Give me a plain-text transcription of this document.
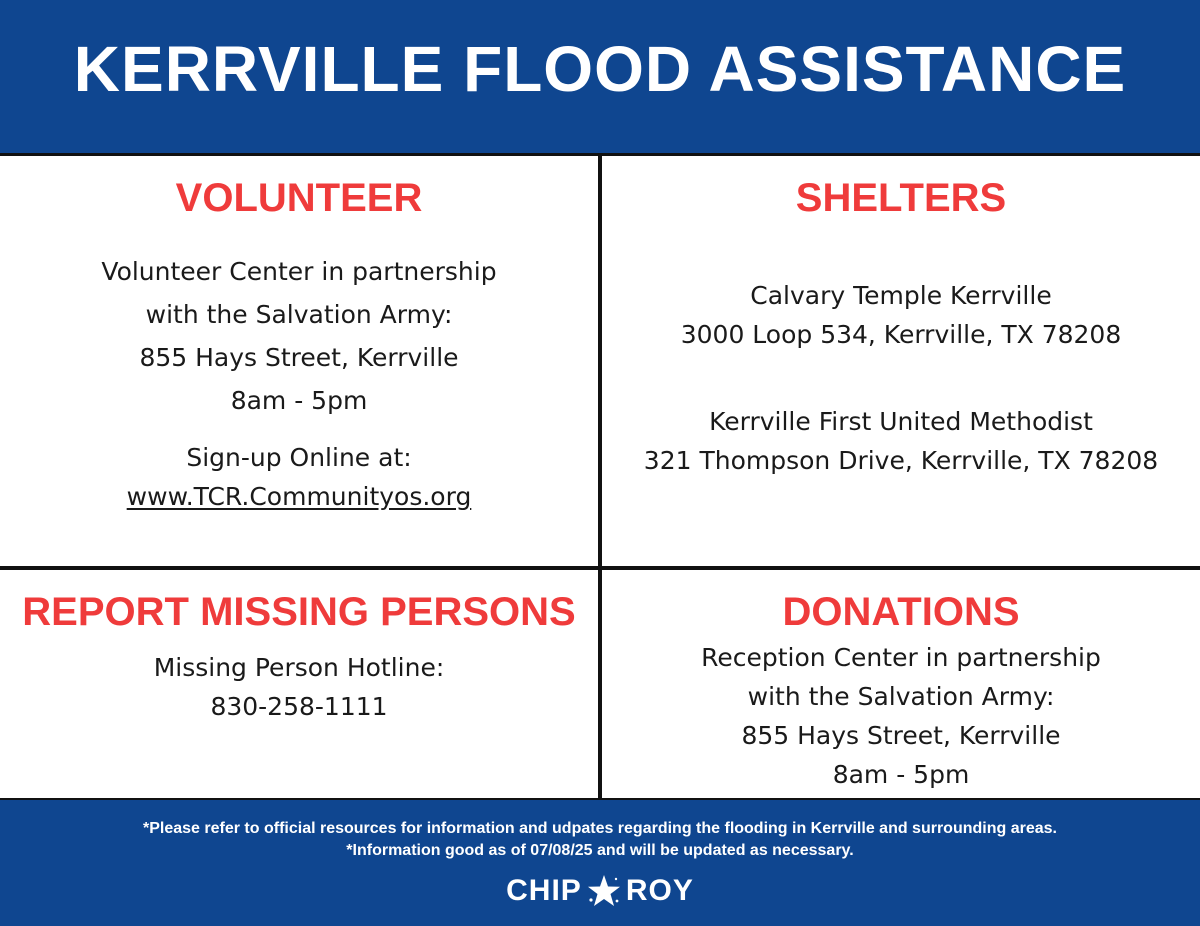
KERRVILLE FLOOD ASSISTANCE
VOLUNTEER
Volunteer Center in partnership
with the Salvation Army:
855 Hays Street, Kerrville
8am - 5pm
Sign-up Online at:
www.TCR.Communityos.org
SHELTERS
Calvary Temple Kerrville
3000 Loop 534, Kerrville, TX 78208
Kerrville First United Methodist
321 Thompson Drive, Kerrville, TX 78208
REPORT MISSING PERSONS
Missing Person Hotline:
830-258-1111
DONATIONS
Reception Center in partnership
with the Salvation Army:
855 Hays Street, Kerrville
8am - 5pm
*Please refer to official resources for information and udpates regarding the flooding in Kerrville and surrounding areas.
*Information good as of 07/08/25 and will be updated as necessary.
CHIP ROY
